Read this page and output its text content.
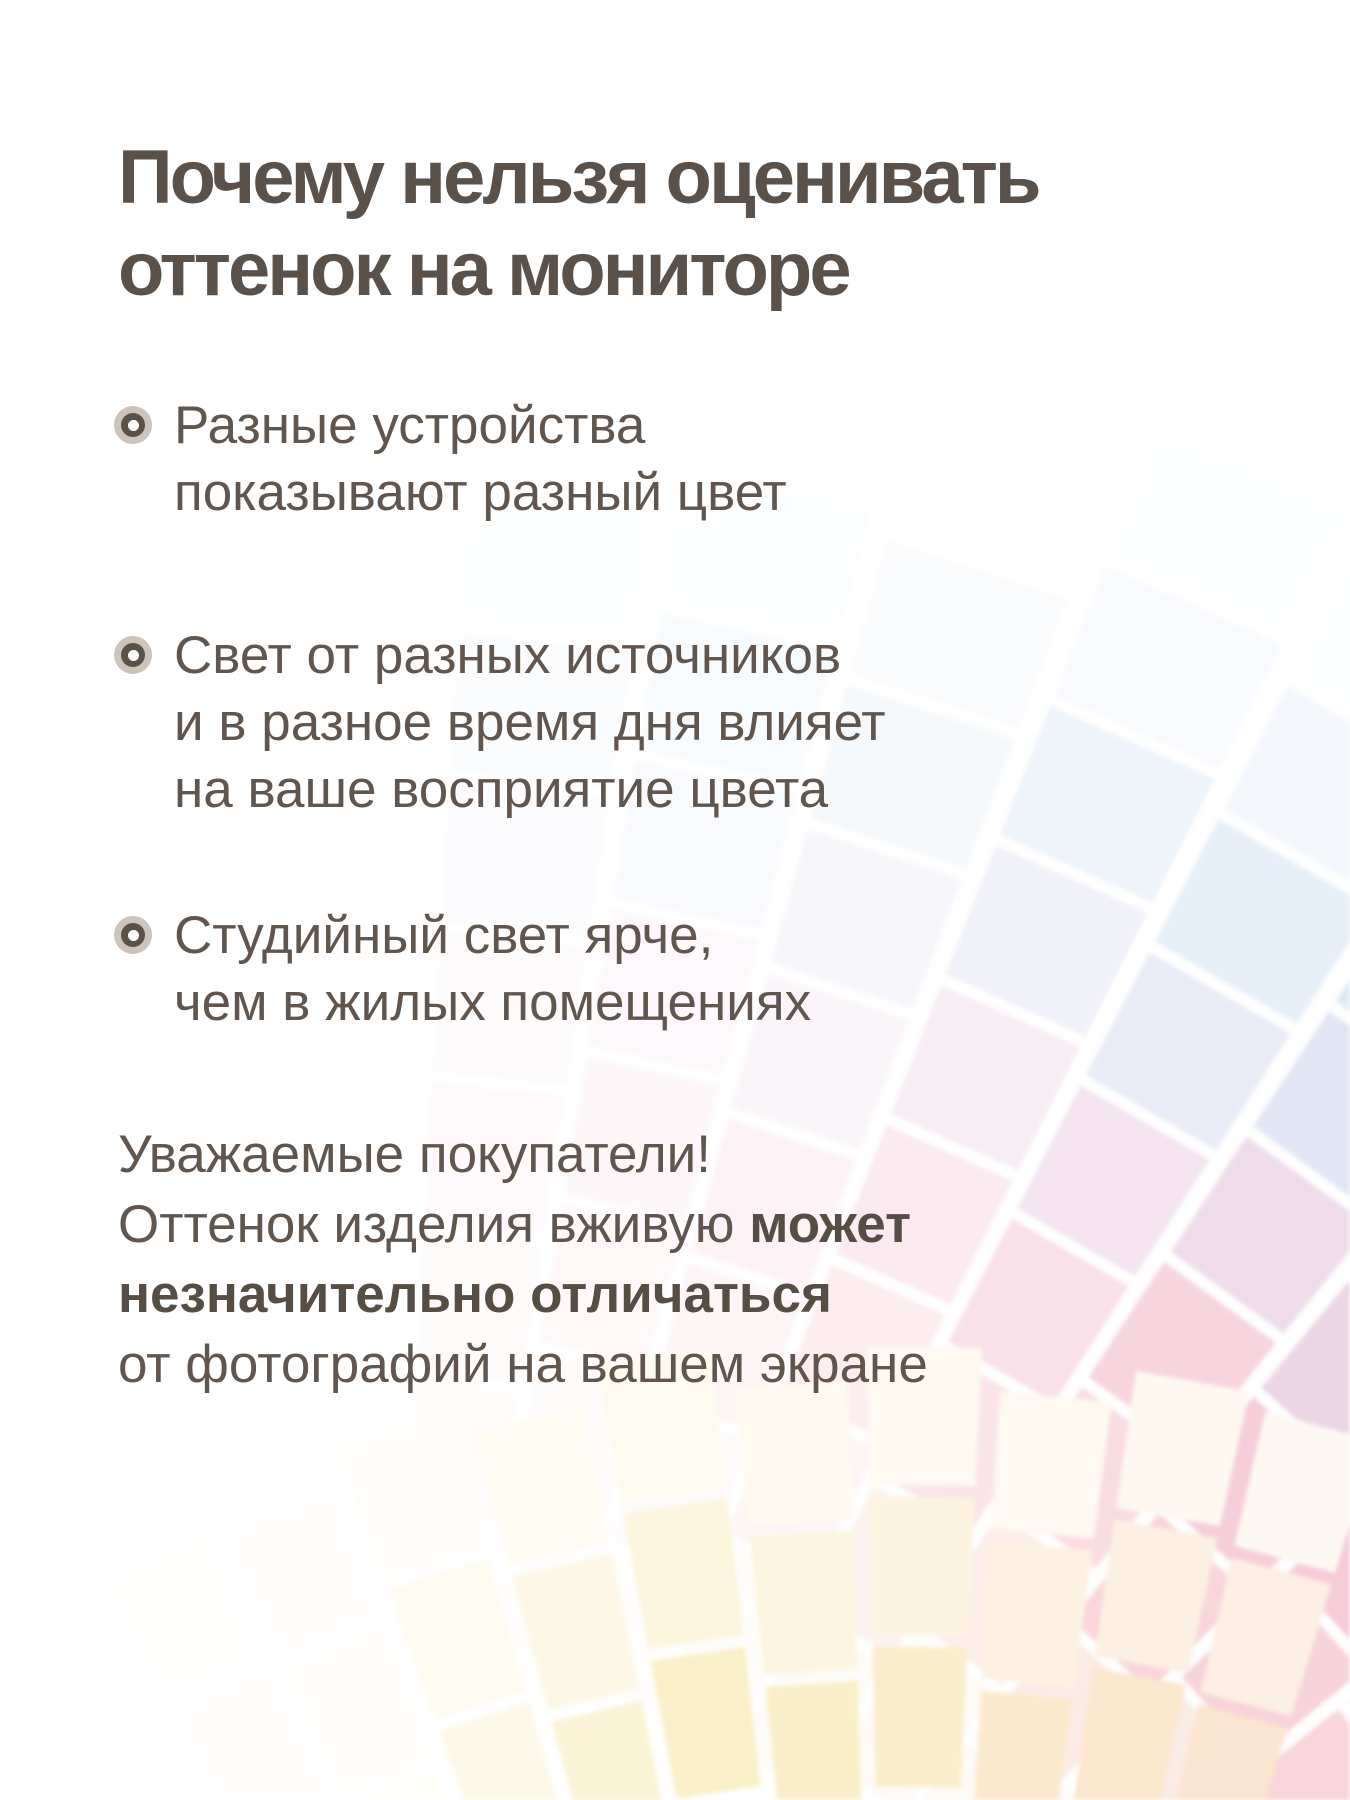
Почему нельзя оценивать
оттенок на мониторе
Разные устройства
показывают разный цвет
Свет от разных источников
и в разное время дня влияет
на ваше восприятие цвета
Студийный свет ярче,
чем в жилых помещениях
Уважаемые покупатели!
Оттенок изделия вживую может
незначительно отличаться
от фотографий на вашем экране
